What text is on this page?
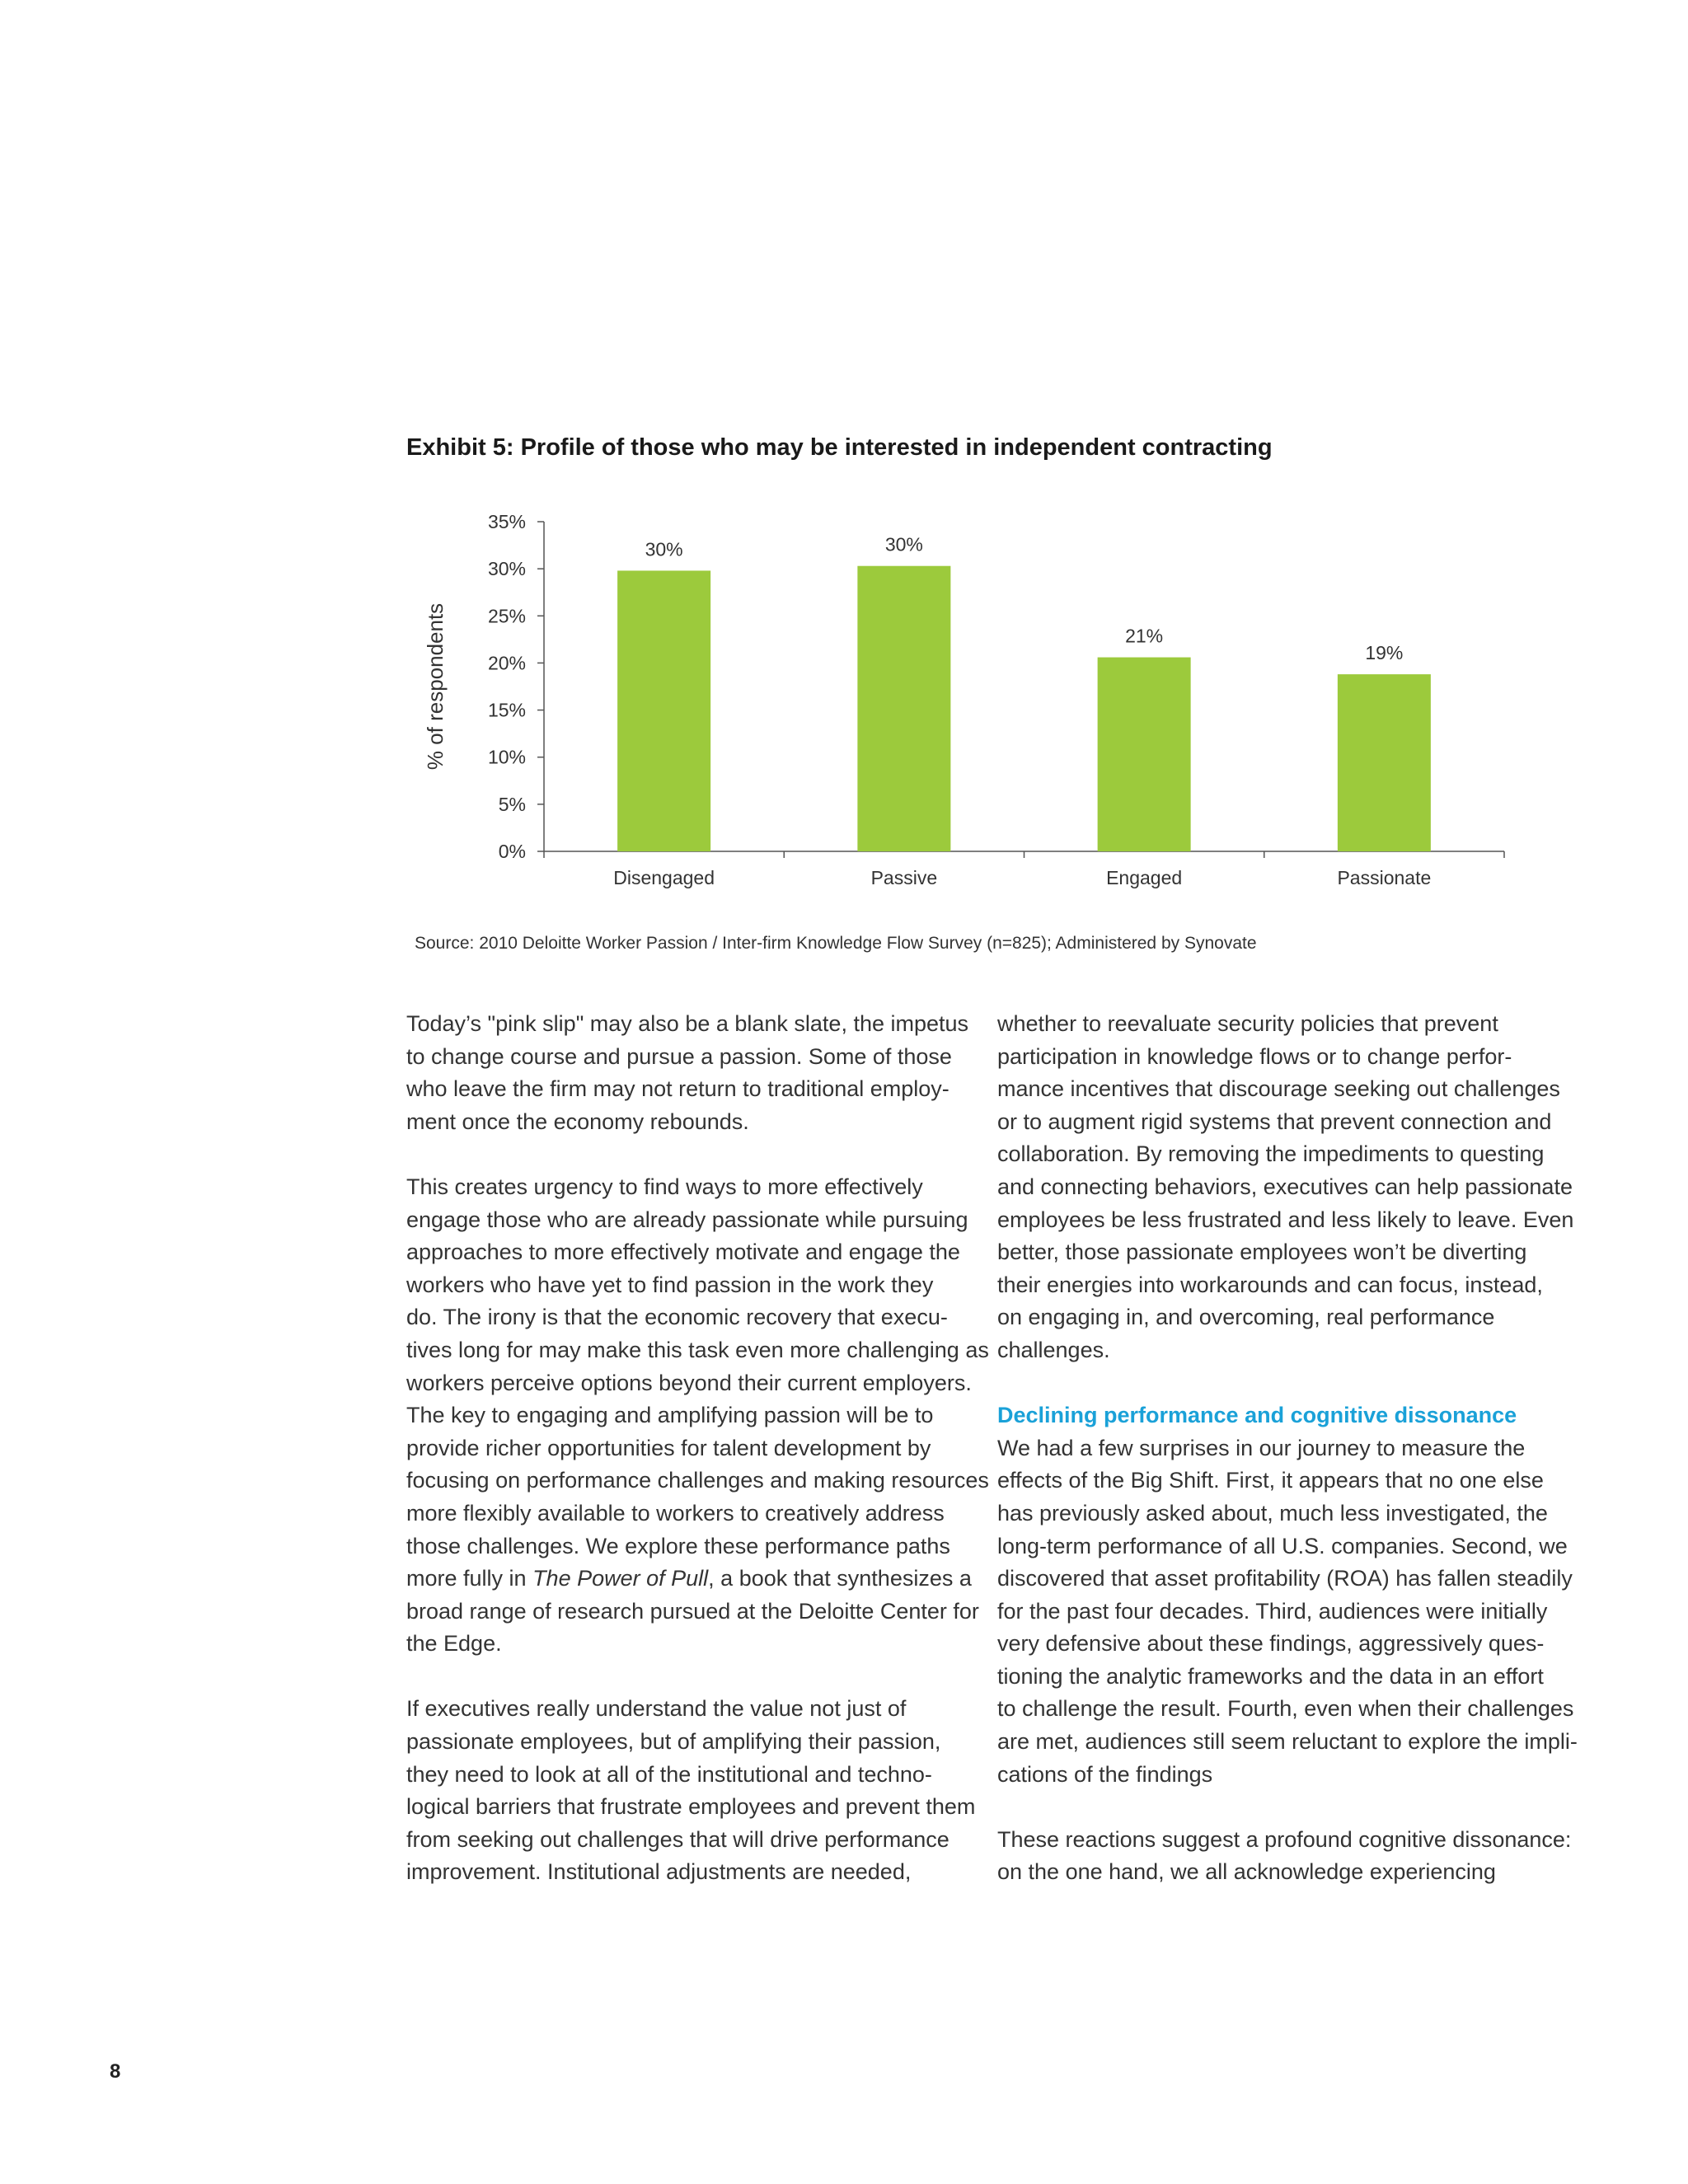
Exhibit 5: Profile of those who may be interested in independent contracting
0%
5%
10%
15%
20%
25%
30%
35%
% of respondents
30%
Disengaged
30%
Passive
21%
Engaged
19%
Passionate

Source: 2010 Deloitte Worker Passion / Inter-firm Knowledge Flow Survey (n=825); Administered by Synovate

Today’s "pink slip" may also be a blank slate, the impetus
to change course and pursue a passion. Some of those
who leave the firm may not return to traditional employ-
ment once the economy rebounds.
This creates urgency to find ways to more effectively
engage those who are already passionate while pursuing
approaches to more effectively motivate and engage the
workers who have yet to find passion in the work they
do. The irony is that the economic recovery that execu-
tives long for may make this task even more challenging as
workers perceive options beyond their current employers.
The key to engaging and amplifying passion will be to
provide richer opportunities for talent development by
focusing on performance challenges and making resources
more flexibly available to workers to creatively address
those challenges. We explore these performance paths
more fully in The Power of Pull, a book that synthesizes a
broad range of research pursued at the Deloitte Center for
the Edge.
If executives really understand the value not just of
passionate employees, but of amplifying their passion,
they need to look at all of the institutional and techno-
logical barriers that frustrate employees and prevent them
from seeking out challenges that will drive performance
improvement. Institutional adjustments are needed,
whether to reevaluate security policies that prevent
participation in knowledge flows or to change perfor-
mance incentives that discourage seeking out challenges
or to augment rigid systems that prevent connection and
collaboration. By removing the impediments to questing
and connecting behaviors, executives can help passionate
employees be less frustrated and less likely to leave. Even
better, those passionate employees won’t be diverting
their energies into workarounds and can focus, instead,
on engaging in, and overcoming, real performance
challenges.
Declining performance and cognitive dissonance
We had a few surprises in our journey to measure the
effects of the Big Shift. First, it appears that no one else
has previously asked about, much less investigated, the
long-term performance of all U.S. companies. Second, we
discovered that asset profitability (ROA) has fallen steadily
for the past four decades. Third, audiences were initially
very defensive about these findings, aggressively ques-
tioning the analytic frameworks and the data in an effort
to challenge the result. Fourth, even when their challenges
are met, audiences still seem reluctant to explore the impli-
cations of the findings
These reactions suggest a profound cognitive dissonance:
on the one hand, we all acknowledge experiencing

8
